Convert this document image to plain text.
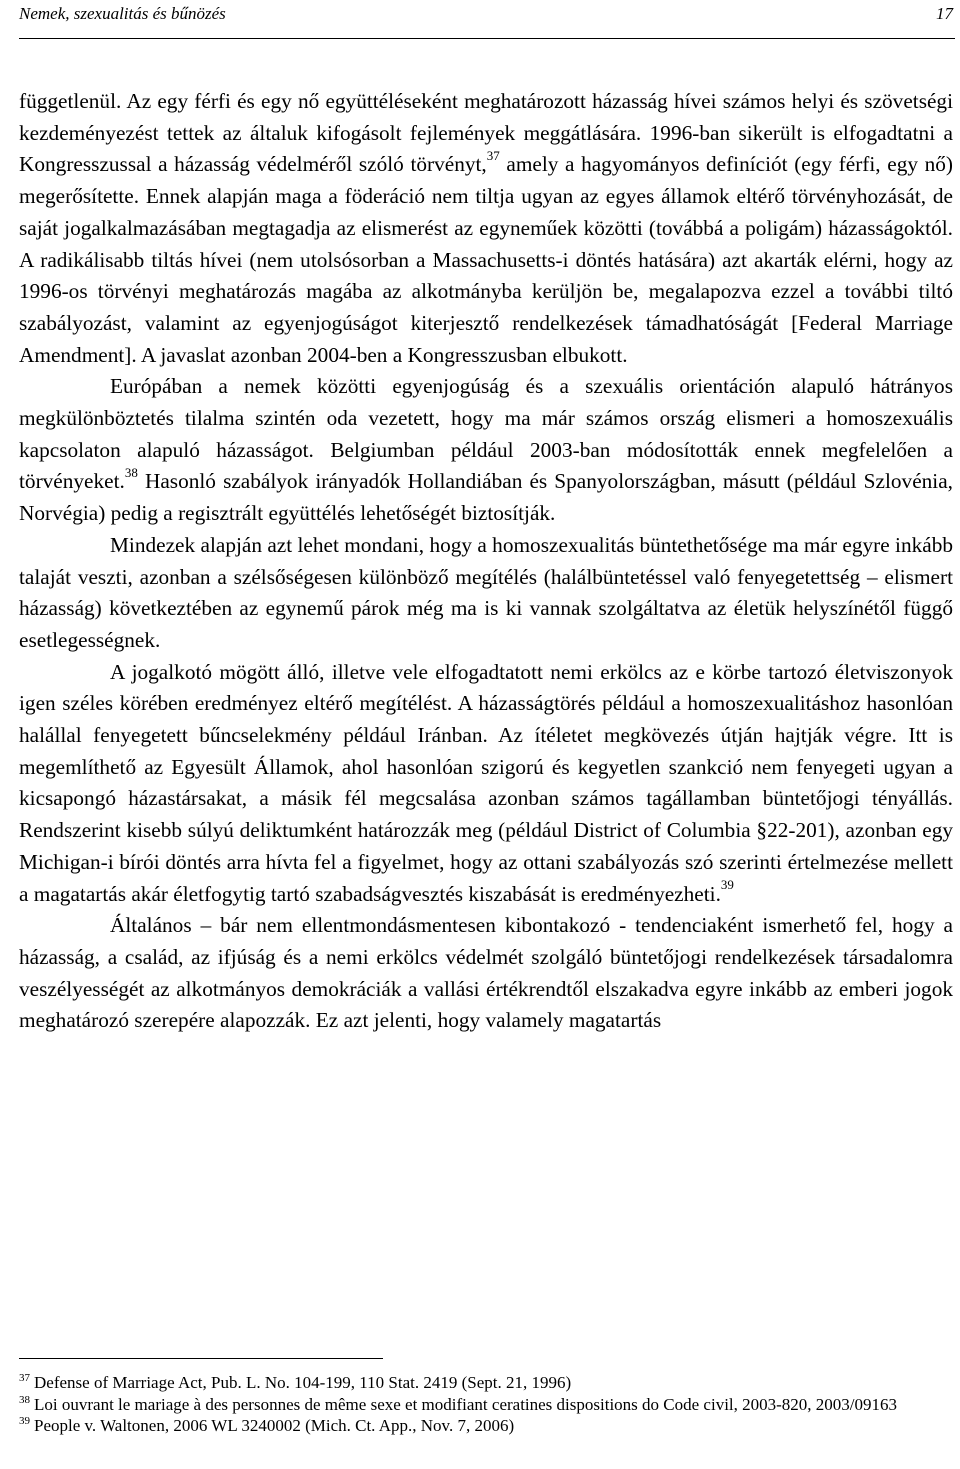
Nemek, szexualitás és bűnözés	17

függetlenül. Az egy férfi és egy nő együttéléseként meghatározott házasság hívei számos helyi és szövetségi kezdeményezést tettek az általuk kifogásolt fejlemények meggátlására. 1996-ban sikerült is elfogadtatni a Kongresszussal a házasság védelméről szóló törvényt,$^{37}$ amely a hagyományos definíciót (egy férfi, egy nő) megerősítette. Ennek alapján maga a föderáció nem tiltja ugyan az egyes államok eltérő törvényhozását, de saját jogalkalmazásában megtagadja az elismerést az egyneműek közötti (továbbá a poligám) házasságoktól. A radikálisabb tiltás hívei (nem utolsósorban a Massachusetts-i döntés hatására) azt akarták elérni, hogy az 1996-os törvényi meghatározás magába az alkotmányba kerüljön be, megalapozva ezzel a további tiltó szabályozást, valamint az egyenjogúságot kiterjesztő rendelkezések támadhatóságát [Federal Marriage Amendment]. A javaslat azonban 2004-ben a Kongresszusban elbukott.

Európában a nemek közötti egyenjogúság és a szexuális orientáción alapuló hátrányos megkülönböztetés tilalma szintén oda vezetett, hogy ma már számos ország elismeri a homoszexuális kapcsolaton alapuló házasságot. Belgiumban például 2003-ban módosították ennek megfelelően a törvényeket.$^{38}$ Hasonló szabályok irányadók Hollandiában és Spanyolországban, másutt (például Szlovénia, Norvégia) pedig a regisztrált együttélés lehetőségét biztosítják.

Mindezek alapján azt lehet mondani, hogy a homoszexualitás büntethetősége ma már egyre inkább talaját veszti, azonban a szélsőségesen különböző megítélés (halálbüntetéssel való fenyegetettség – elismert házasság) következtében az egynemű párok még ma is ki vannak szolgáltatva az életük helyszínétől függő esetlegességnek.

A jogalkotó mögött álló, illetve vele elfogadtatott nemi erkölcs az e körbe tartozó életviszonyok igen széles körében eredményez eltérő megítélést. A házasságtörés például a homoszexualitáshoz hasonlóan halállal fenyegetett bűncselekmény például Iránban. Az ítéletet megkövezés útján hajtják végre. Itt is megemlíthető az Egyesült Államok, ahol hasonlóan szigorú és kegyetlen szankció nem fenyegeti ugyan a kicsapongó házastársakat, a másik fél megcsalása azonban számos tagállamban büntetőjogi tényállás. Rendszerint kisebb súlyú deliktumként határozzák meg (például District of Columbia §22-201), azonban egy Michigan-i bírói döntés arra hívta fel a figyelmet, hogy az ottani szabályozás szó szerinti értelmezése mellett a magatartás akár életfogytig tartó szabadságvesztés kiszabását is eredményezheti.$^{39}$

Általános – bár nem ellentmondásmentesen kibontakozó - tendenciaként ismerhető fel, hogy a házasság, a család, az ifjúság és a nemi erkölcs védelmét szolgáló büntetőjogi rendelkezések társadalomra veszélyességét az alkotmányos demokráciák a vallási értékrendtől elszakadva egyre inkább az emberi jogok meghatározó szerepére alapozzák. Ez azt jelenti, hogy valamely magatartás

$^{37}$ Defense of Marriage Act, Pub. L. No. 104-199, 110 Stat. 2419 (Sept. 21, 1996)

$^{38}$ Loi ouvrant le mariage à des personnes de même sexe et modifiant ceratines dispositions do Code civil, 2003-820, 2003/09163

$^{39}$ People v. Waltonen, 2006 WL 3240002 (Mich. Ct. App., Nov. 7, 2006)
